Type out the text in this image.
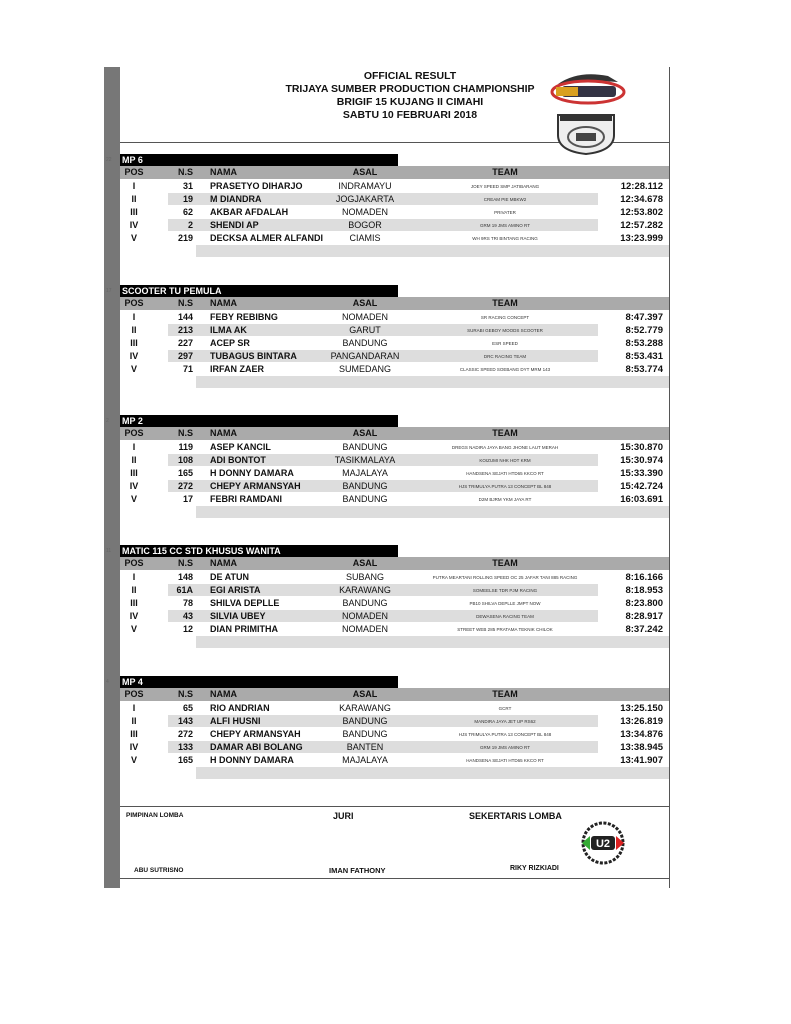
OFFICIAL RESULT
TRIJAYA SUMBER PRODUCTION CHAMPIONSHIP
BRIGIF 15 KUJANG II CIMAHI
SABTU 10 FEBRUARI 2018
22 MP 6
POS	N.S NAMA	ASAL	TEAM
I	31 PRASETYO DIHARJO	INDRAMAYU	JOEY SPEED SMP JATIBARANG	12:28.112
II	19 M DIANDRA	JOGJAKARTA	CREAM PIE MBKW2	12:34.678
III	62 AKBAR AFDALAH	NOMADEN	PRIVATER	12:53.802
IV	2 SHENDI AP	BOGOR	GRM 19 JMS AMINO RT	12:57.282
V	219 DECKSA ALMER ALFANDI	CIAMIS	WH 9RS TRI BINTANG RACING	13:23.999
17 SCOOTER TU PEMULA
POS	N.S NAMA	ASAL	TEAM
I	144 FEBY REBIBNG	NOMADEN	SR RACING CONCEPT	8:47.397
II	213 ILMA AK	GARUT	SURABI GEBOY MOODS SCOOTER	8:52.779
III	227 ACEP SR	BANDUNG	ESR SPEED	8:53.288
IV	297 TUBAGUS BINTARA	PANGANDARAN	DRC RACING TEAM	8:53.431
V	71 IRFAN ZAER	SUMEDANG	CLASSIC SPEED SOEBANG DYT MRM 143	8:53.774
2 MP 2
POS	N.S NAMA	ASAL	TEAM
I	119 ASEP KANCIL	BANDUNG	DREGS NADIRA JAYA BANG JHONE LAUT MERAH	15:30.870
II	108 ADI BONTOT	TASIKMALAYA	KOIZUMI NHK HDT KRM	15:30.974
III	165 H DONNY DAMARA	MAJALAYA	HANDSENA SEJATI HTD65 KKCO RT	15:33.390
IV	272 CHEPY ARMANSYAH	BANDUNG	HJS TRIMULYA PUTRA 13 CONCEPT BL 848	15:42.724
V	17 FEBRI RAMDANI	BANDUNG	D2M BJRM YKM JAYA RT	16:03.691
11 MATIC 115 CC STD KHUSUS WANITA
POS	N.S NAMA	ASAL	TEAM
I	148 DE ATUN	SUBANG	PUTRA MEARTANI ROLLING SPEED OC 25 JAFAR TANI 885 RACING	8:16.166
II	61A EGI ARISTA	KARAWANG	SOMEELSE TDR PJM RACING	8:18.953
III	78 SHILVA DEPLLE	BANDUNG	PB10 SHILVA DEPLLE JMPT NOW	8:23.800
IV	43 SILVIA UBEY	NOMADEN	DEWASENA RACING TEAM	8:28.917
V	12 DIAN PRIMITHA	NOMADEN	STREET WEB 285 PRATAMA TEKNIK CHILOK	8:37.242
4 MP 4
POS	N.S NAMA	ASAL	TEAM
I	65 RIO ANDRIAN	KARAWANG	GCRT	13:25.150
II	143 ALFI HUSNI	BANDUNG	MANDIRA JAYA JET UP RS62	13:26.819
III	272 CHEPY ARMANSYAH	BANDUNG	HJS TRIMULYA PUTRA 13 CONCEPT BL 848	13:34.876
IV	133 DAMAR ABI BOLANG	BANTEN	GRM 19 JMS AMINO RT	13:38.945
V	165 H DONNY DAMARA	MAJALAYA	HANDSENA SEJATI HTD65 KKCO RT	13:41.907
PIMPINAN LOMBA	JURI	SEKERTARIS LOMBA
U2
ABU SUTRISNO	IMAN FATHONY	RIKY RIZKIADI
